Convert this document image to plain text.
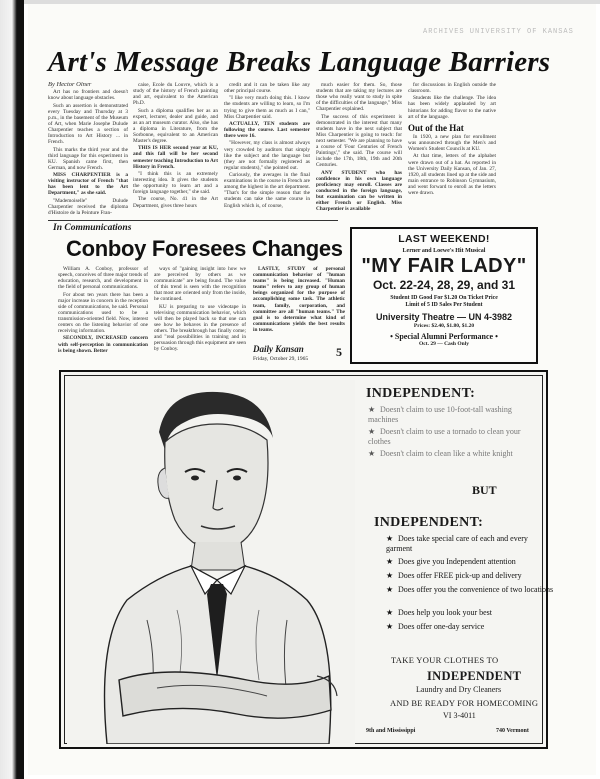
ARCHIVES UNIVERSITY OF KANSAS
Art's Message Breaks Language Barriers

By Hector Olner

Art has no frontiers and doesn't know about language obstacles.

Such an assertion is demonstrated every Tuesday and Thursday at 3 p.m., in the basement of the Museum of Art, when Marie Josephe Dulude Charpentier teaches a section of Introduction to Art History ... in French.

This marks the third year and the third language for this experiment in KU. Spanish came first, then German, and now French.

MISS CHARPENTIER is a visiting instructor of French "that has been lent to the Art Department," as she said.

"Mademoiselle" Dulude Charpentier received the diploma d'Histoire de la Peinture Fran-

caise, Ecole du Louvre, which is a study of the history of French painting and art, equivalent to the American Ph.D.

Such a diploma qualifies her as an expert, lecturer, dealer and guide, and as an art museum curator. Also, she has a diploma in Literature, from the Sorbonne, equivalent to an American Master's degree.

THIS IS HER second year at KU, and this fall will be her second semester teaching Introduction to Art History in French.

"I think this is an extremely interesting idea. It gives the students the opportunity to learn art and a foreign language together," she said.

The course, No. 41 in the Art Department, gives three hours

credit and it can be taken like any other principal course.

"I like very much doing this. I know the students are willing to learn, so I'm trying to give them as much as I can," Miss Charpentier said.

ACTUALLY, TEN students are following the course. Last semester there were 16.

"However, my class is almost always very crowded by auditors that simply like the subject and the language but (they are not formally registered as regular students)," she pointed out.

Curiously, the averages in the final examinations in the course in French are among the highest in the art department. "That's for the simple reason that the students can take the same course in English which is, of course,

much easier for them. So, those students that are taking my lectures are those who really want to study in spite of the difficulties of the language," Miss Charpentier explained.

The success of this experiment is demonstrated in the interest that many students have in the next subject that Miss Charpentier is going to teach: for next semester. "We are planning to have a course of 'Four Centuries of French Paintings'," she said. The course will include the 17th, 18th, 19th and 20th Centuries.

ANY STUDENT who has confidence in his own language proficiency may enroll. Classes are conducted in the foreign language, but examination can be written in either French or English. Miss Charpentier is available

for discussions in English outside the classroom.

Students like the challenge. The idea has been widely applauded by art historians for adding flavor to the native art of the language.

Out of the Hat

In 1920, a new plan for enrollment was announced through the Men's and Women's Student Councils at KU.

At that time, letters of the alphabet were drawn out of a hat. As reported in the University Daily Kansan, of Jan. 27, 1920, all students lined up at the side and main entrance to Robinson Gymnasium, and went forward to enroll as the letters were drawn.

In Communications
Conboy Foresees Changes

William A. Conboy, professor of speech, conceives of three major trends of education, research, and development in the field of personal communications.

For about ten years there has been a major increase in concern in the reception side of communications, he said. Personal communications used to be a transmission-oriented field. Now, interest centers on the listening behavior of one receiving information.

SECONDLY, INCREASED concern with self-perception in communication is being shown. Better

ways of "gaining insight into how we are perceived by others as we communicate" are being found. The value of this trend is seen with the recognition that most are oriented only from the inside, he continued.

KU is preparing to use videotape in televising communication behavior, which will then be played back so that one can see how he behaves in the presence of others. The breakthrough has finally come; and "real possibilities in training and in persuasion through this equipment are seen by Conboy.

LASTLY, STUDY of personal communication behavior of "human teams" is being increased. "Human teams" refers to any group of human beings organized for the purpose of accomplishing some task. The athletic team, family, corporation, and committee are all "human teams." The goal is to determine what kind of communications yields the best results in teams.

Daily Kansan
Friday, October 29, 1965 5
LAST WEEKEND!
Lerner and Loewe's Hit Musical
"MY FAIR LADY"
Oct. 22-24, 28, 29, and 31
Student ID Good For $1.20 On Ticket Price
Limit of 5 ID Sales Per Student
University Theatre — UN 4-3982
Prices: $2.40, $1.80, $1.20
• Special Alumni Performance •
Oct. 29 — Cash Only
INDEPENDENT:
★ Doesn't claim to use 10-foot-tall washing machines
★ Doesn't claim to use a tornado to clean your clothes
★ Doesn't claim to clean like a white knight
BUT
INDEPENDENT:
★ Does take special care of each and every garment
★ Does give you Independent attention
★ Does offer FREE pick-up and delivery
★ Does offer you the convenience of two locations
★ Does help you look your best
★ Does offer one-day service
TAKE YOUR CLOTHES TO
INDEPENDENT
Laundry and Dry Cleaners
AND BE READY FOR HOMECOMING
VI 3-4011
9th and Mississippi	740 Vermont
